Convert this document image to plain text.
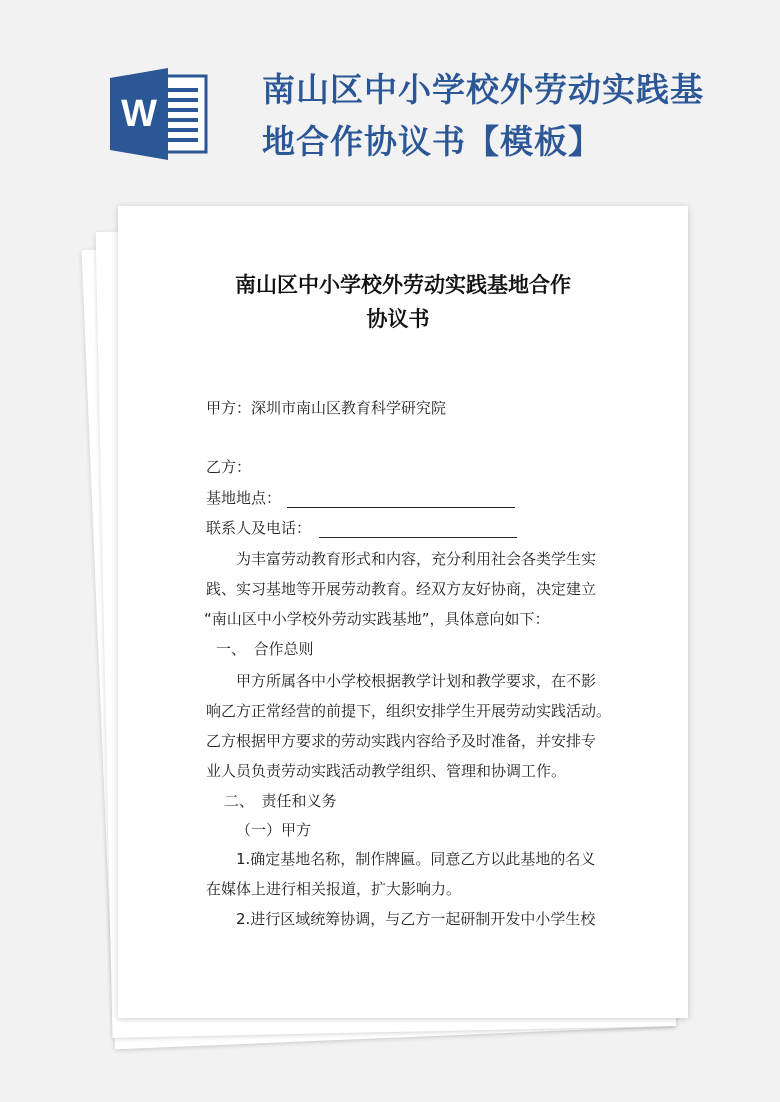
W
南山区中小学校外劳动实践基
地合作协议书【模板】
南山区中小学校外劳动实践基地合作
协议书
甲方：深圳市南山区教育科学研究院
乙方：
基地地点：
联系人及电话：
为丰富劳动教育形式和内容，充分利用社会各类学生实
践、实习基地等开展劳动教育。经双方友好协商，决定建立
“南山区中小学校外劳动实践基地”，具体意向如下：
一、　合作总则
甲方所属各中小学校根据教学计划和教学要求，在不影
响乙方正常经营的前提下，组织安排学生开展劳动实践活动。
乙方根据甲方要求的劳动实践内容给予及时准备，并安排专
业人员负责劳动实践活动教学组织、管理和协调工作。
二、　责任和义务
（一）甲方
1.确定基地名称，制作牌匾。同意乙方以此基地的名义
在媒体上进行相关报道，扩大影响力。
2.进行区域统筹协调，与乙方一起研制开发中小学生校
